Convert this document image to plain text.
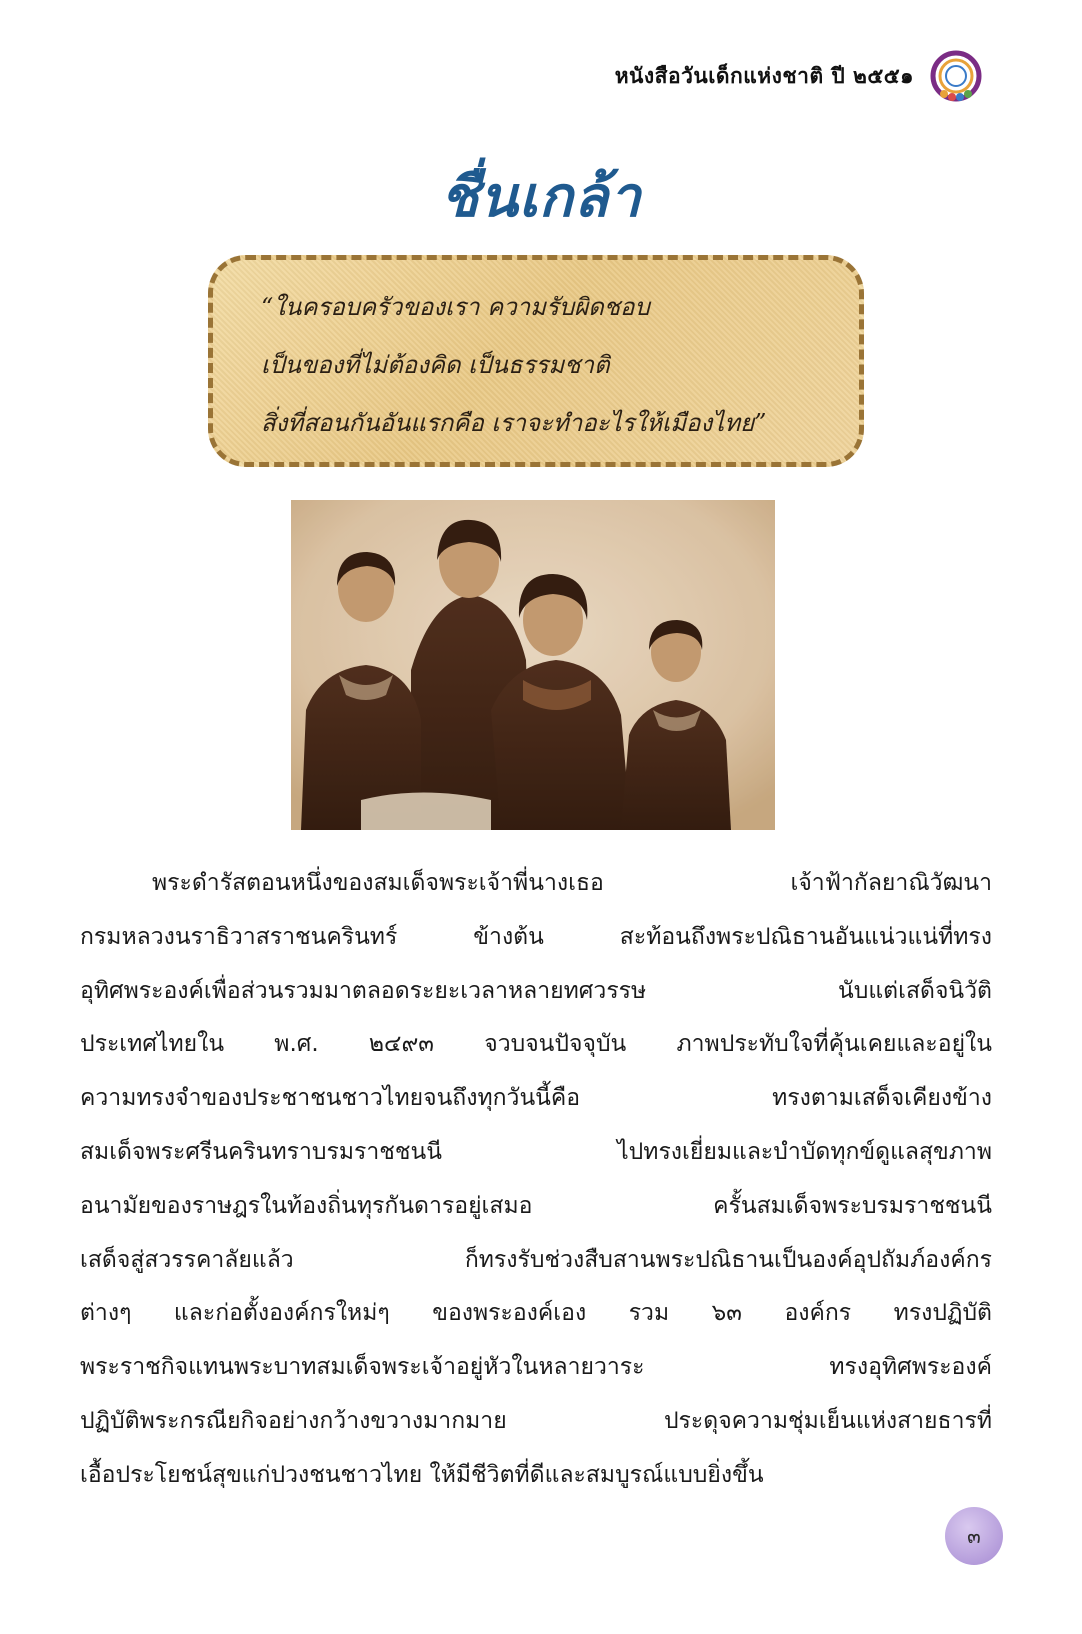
หนังสือวันเด็กแห่งชาติ ปี ๒๕๕๑
ชื่นเกล้า
“ในครอบครัวของเรา ความรับผิดชอบ
เป็นของที่ไม่ต้องคิด เป็นธรรมชาติ
สิ่งที่สอนกันอันแรกคือ เราจะทำอะไรให้เมืองไทย”

พระดำรัสตอนหนึ่งของสมเด็จพระเจ้าพี่นางเธอ เจ้าฟ้ากัลยาณิวัฒนา
กรมหลวงนราธิวาสราชนครินทร์ ข้างต้น สะท้อนถึงพระปณิธานอันแน่วแน่ที่ทรง
อุทิศพระองค์เพื่อส่วนรวมมาตลอดระยะเวลาหลายทศวรรษ นับแต่เสด็จนิวัติ
ประเทศไทยใน พ.ศ. ๒๔๙๓ จวบจนปัจจุบัน ภาพประทับใจที่คุ้นเคยและอยู่ใน
ความทรงจำของประชาชนชาวไทยจนถึงทุกวันนี้คือ ทรงตามเสด็จเคียงข้าง
สมเด็จพระศรีนครินทราบรมราชชนนี ไปทรงเยี่ยมและบำบัดทุกข์ดูแลสุขภาพ
อนามัยของราษฎรในท้องถิ่นทุรกันดารอยู่เสมอ ครั้นสมเด็จพระบรมราชชนนี
เสด็จสู่สวรรคาลัยแล้ว ก็ทรงรับช่วงสืบสานพระปณิธานเป็นองค์อุปถัมภ์องค์กร
ต่างๆ และก่อตั้งองค์กรใหม่ๆ ของพระองค์เอง รวม ๖๓ องค์กร ทรงปฏิบัติ
พระราชกิจแทนพระบาทสมเด็จพระเจ้าอยู่หัวในหลายวาระ ทรงอุทิศพระองค์
ปฏิบัติพระกรณียกิจอย่างกว้างขวางมากมาย ประดุจความชุ่มเย็นแห่งสายธารที่
เอื้อประโยชน์สุขแก่ปวงชนชาวไทย ให้มีชีวิตที่ดีและสมบูรณ์แบบยิ่งขึ้น

๓
